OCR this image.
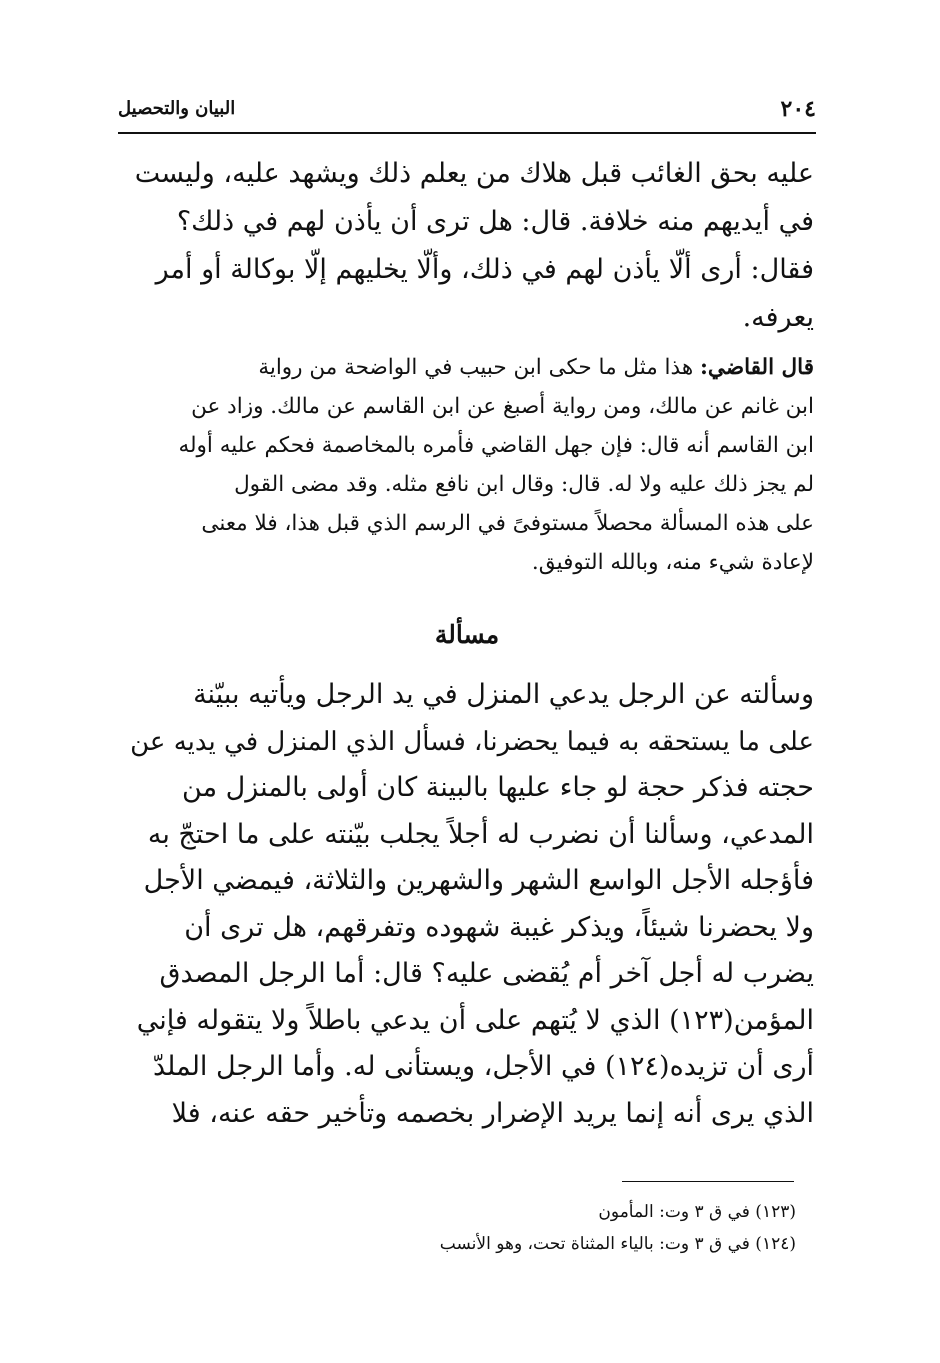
٢٠٤
البيان والتحصيل
عليه بحق الغائب قبل هلاك من يعلم ذلك ويشهد عليه، وليست
في أيديهم منه خلافة. قال: هل ترى أن يأذن لهم في ذلك؟
فقال: أرى ألّا يأذن لهم في ذلك، وألّا يخليهم إلّا بوكالة أو أمر
يعرفه.
قال القاضي: هذا مثل ما حكى ابن حبيب في الواضحة من رواية
ابن غانم عن مالك، ومن رواية أصبغ عن ابن القاسم عن مالك. وزاد عن
ابن القاسم أنه قال: فإن جهل القاضي فأمره بالمخاصمة فحكم عليه أوله
لم يجز ذلك عليه ولا له. قال: وقال ابن نافع مثله. وقد مضى القول
على هذه المسألة محصلاً مستوفىً في الرسم الذي قبل هذا، فلا معنى
لإعادة شيء منه، وبالله التوفيق.
مسألة
وسألته عن الرجل يدعي المنزل في يد الرجل ويأتيه ببيّنة
على ما يستحقه به فيما يحضرنا، فسأل الذي المنزل في يديه عن
حجته فذكر حجة لو جاء عليها بالبينة كان أولى بالمنزل من
المدعي، وسألنا أن نضرب له أجلاً يجلب بيّنته على ما احتجّ به
فأؤجله الأجل الواسع الشهر والشهرين والثلاثة، فيمضي الأجل
ولا يحضرنا شيئاً، ويذكر غيبة شهوده وتفرقهم، هل ترى أن
يضرب له أجل آخر أم يُقضى عليه؟ قال: أما الرجل المصدق
المؤمن(١٢٣) الذي لا يُتهم على أن يدعي باطلاً ولا يتقوله فإني
أرى أن تزيده(١٢٤) في الأجل، ويستأنى له. وأما الرجل الملدّ
الذي يرى أنه إنما يريد الإضرار بخصمه وتأخير حقه عنه، فلا
(١٢٣) في ق ٣ وت: المأمون
(١٢٤) في ق ٣ وت: بالياء المثناة تحت، وهو الأنسب
